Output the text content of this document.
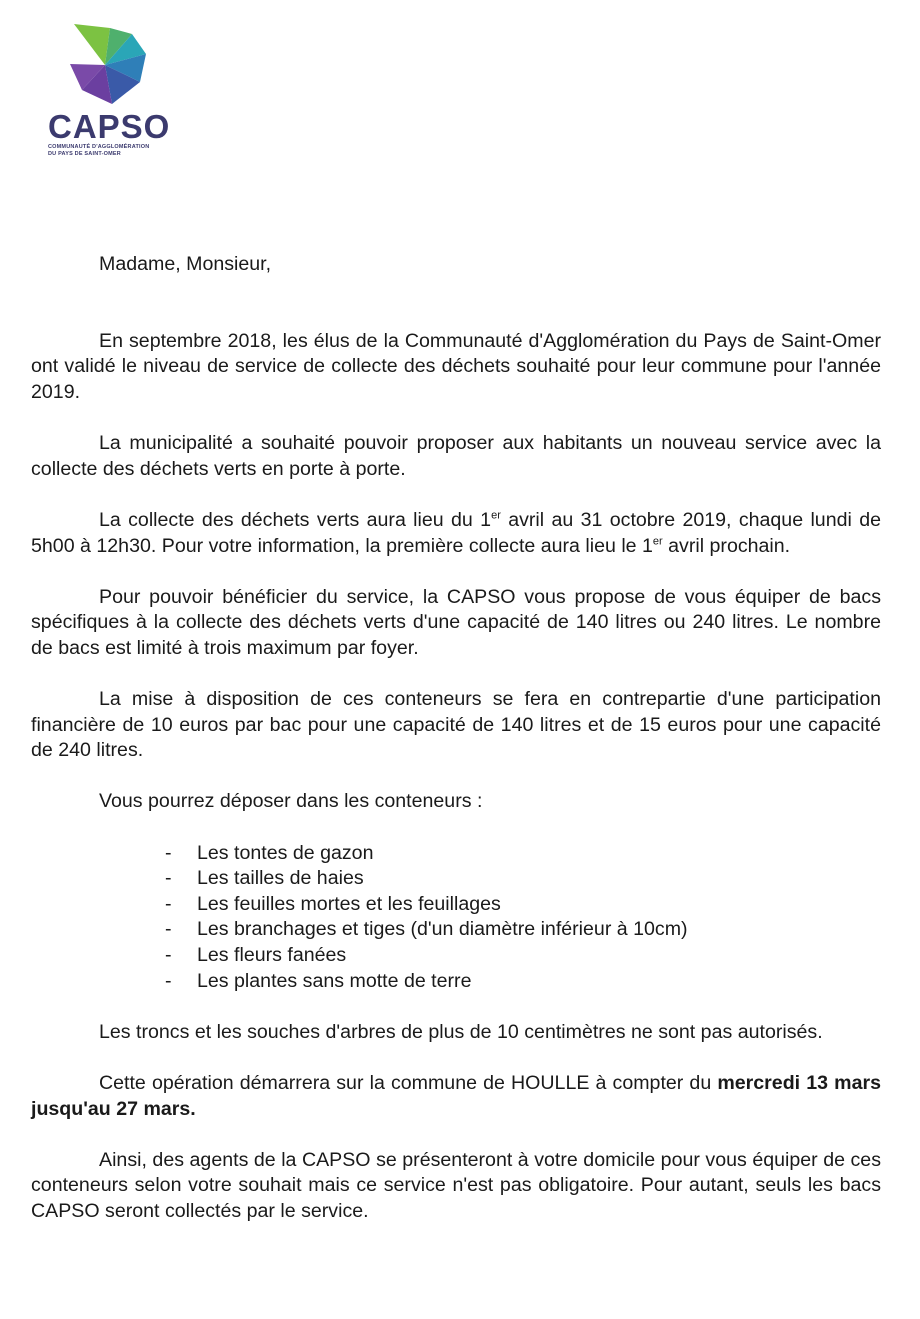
CAPSO
COMMUNAUTÉ D'AGGLOMÉRATION
DU PAYS DE SAINT-OMER

Madame, Monsieur,

En septembre 2018, les élus de la Communauté d'Agglomération du Pays de Saint-Omer ont validé le niveau de service de collecte des déchets souhaité pour leur commune pour l'année 2019.

La municipalité a souhaité pouvoir proposer aux habitants un nouveau service avec la collecte des déchets verts en porte à porte.

La collecte des déchets verts aura lieu du 1er avril au 31 octobre 2019, chaque lundi de 5h00 à 12h30. Pour votre information, la première collecte aura lieu le 1er avril prochain.

Pour pouvoir bénéficier du service, la CAPSO vous propose de vous équiper de bacs spécifiques à la collecte des déchets verts d'une capacité de 140 litres ou 240 litres. Le nombre de bacs est limité à trois maximum par foyer.

La mise à disposition de ces conteneurs se fera en contrepartie d'une participation financière de 10 euros par bac pour une capacité de 140 litres et de 15 euros pour une capacité de 240 litres.

Vous pourrez déposer dans les conteneurs :

- Les tontes de gazon
- Les tailles de haies
- Les feuilles mortes et les feuillages
- Les branchages et tiges (d'un diamètre inférieur à 10cm)
- Les fleurs fanées
- Les plantes sans motte de terre

Les troncs et les souches d'arbres de plus de 10 centimètres ne sont pas autorisés.

Cette opération démarrera sur la commune de HOULLE à compter du mercredi 13 mars jusqu'au 27 mars.

Ainsi, des agents de la CAPSO se présenteront à votre domicile pour vous équiper de ces conteneurs selon votre souhait mais ce service n'est pas obligatoire. Pour autant, seuls les bacs CAPSO seront collectés par le service.
